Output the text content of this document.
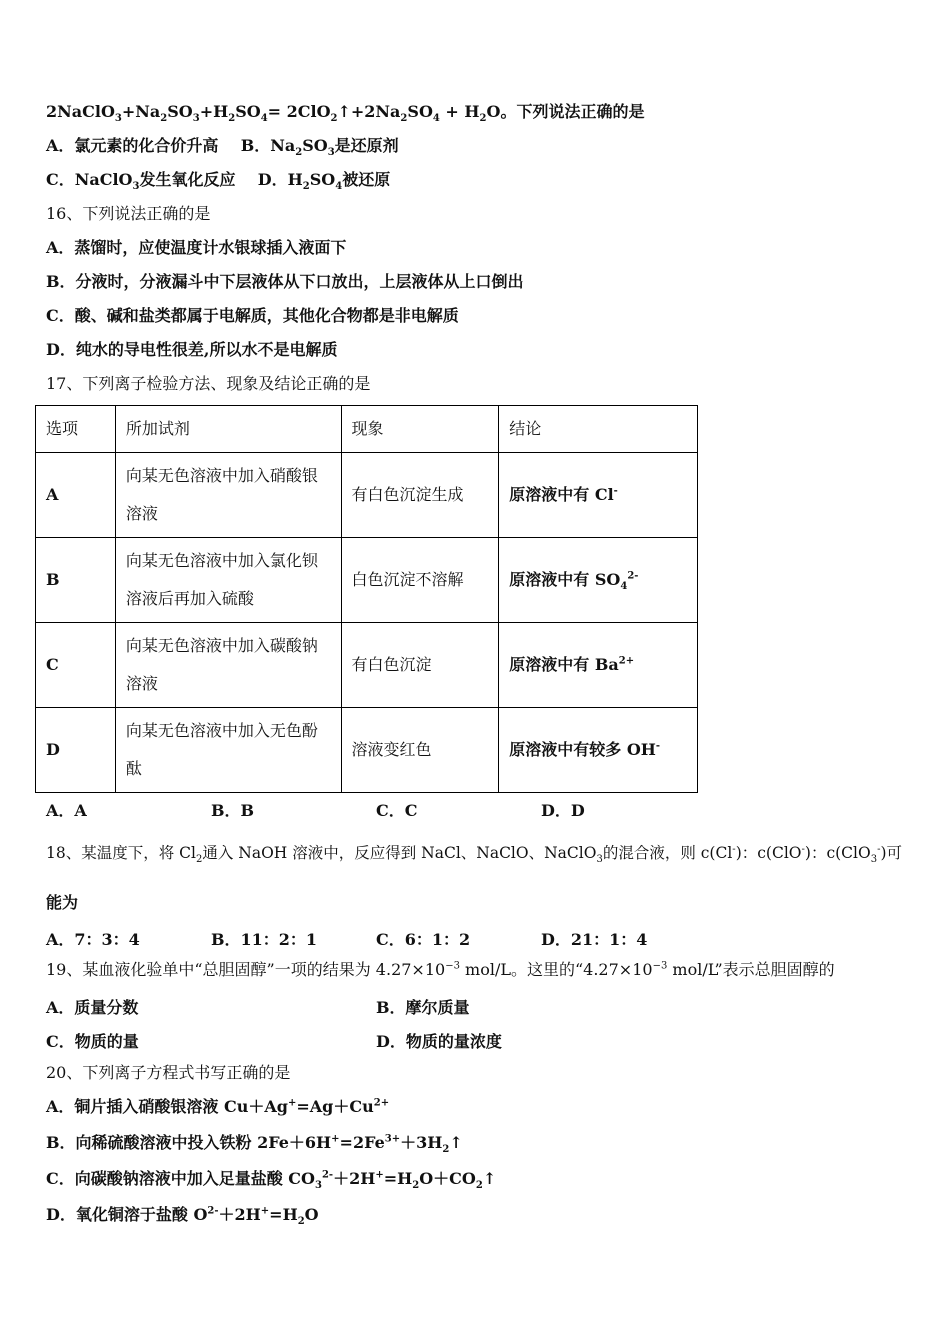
$2NaClO_3+Na_2SO_3+H_2SO_4=$ $2ClO_2↑+2Na_2SO_4 + H_2O$。下列说法正确的是
A．氯元素的化合价升高 B．$Na_2SO_3$是还原剂
C．NaClO$_3$发生氧化反应 D．$H_2SO_4$被还原
16、下列说法正确的是
A．蒸馏时，应使温度计水银球插入液面下
B．分液时，分液漏斗中下层液体从下口放出，上层液体从上口倒出
C．酸、碱和盐类都属于电解质，其他化合物都是非电解质
D．纯水的导电性很差,所以水不是电解质
17、下列离子检验方法、现象及结论正确的是
选项	所加试剂	现象	结论
A	向某无色溶液中加入硝酸银溶液	有白色沉淀生成	原溶液中有 Cl-
B	向某无色溶液中加入氯化钡溶液后再加入硫酸	白色沉淀不溶解	原溶液中有 $SO_4^{2-}$
C	向某无色溶液中加入碳酸钠溶液	有白色沉淀	原溶液中有 $Ba^{2+}$
D	向某无色溶液中加入无色酚酞	溶液变红色	原溶液中有较多 OH-
A．A	B．B	C．C	D．D
18、某温度下，将 $Cl_2$通入 NaOH 溶液中，反应得到 NaCl、NaClO、NaClO$_3$的混合液，则 c(Cl-)：c(ClO-)：c(ClO$_3$-)可
能为
A．7：3：4	B．11：2：1	C．6：1：2	D．21：1：4
19、某血液化验单中“总胆固醇”一项的结果为 $4.27\times 10^{-3}$ mol/L。这里的“$4.27\times 10^{-3}$ mol/L”表示总胆固醇的
A．质量分数	B．摩尔质量
C．物质的量	D．物质的量浓度
20、下列离子方程式书写正确的是
A．铜片插入硝酸银溶液 $Cu+Ag^+=Ag+Cu^{2+}$
B．向稀硫酸溶液中投入铁粉 $2Fe+6H^+=2Fe^{3+}+3H_2↑$
C．向碳酸钠溶液中加入足量盐酸 $CO_3^{2-}+2H^+=H_2O+CO_2↑$
D．氧化铜溶于盐酸 $O^{2-}+2H^+=H_2O$
